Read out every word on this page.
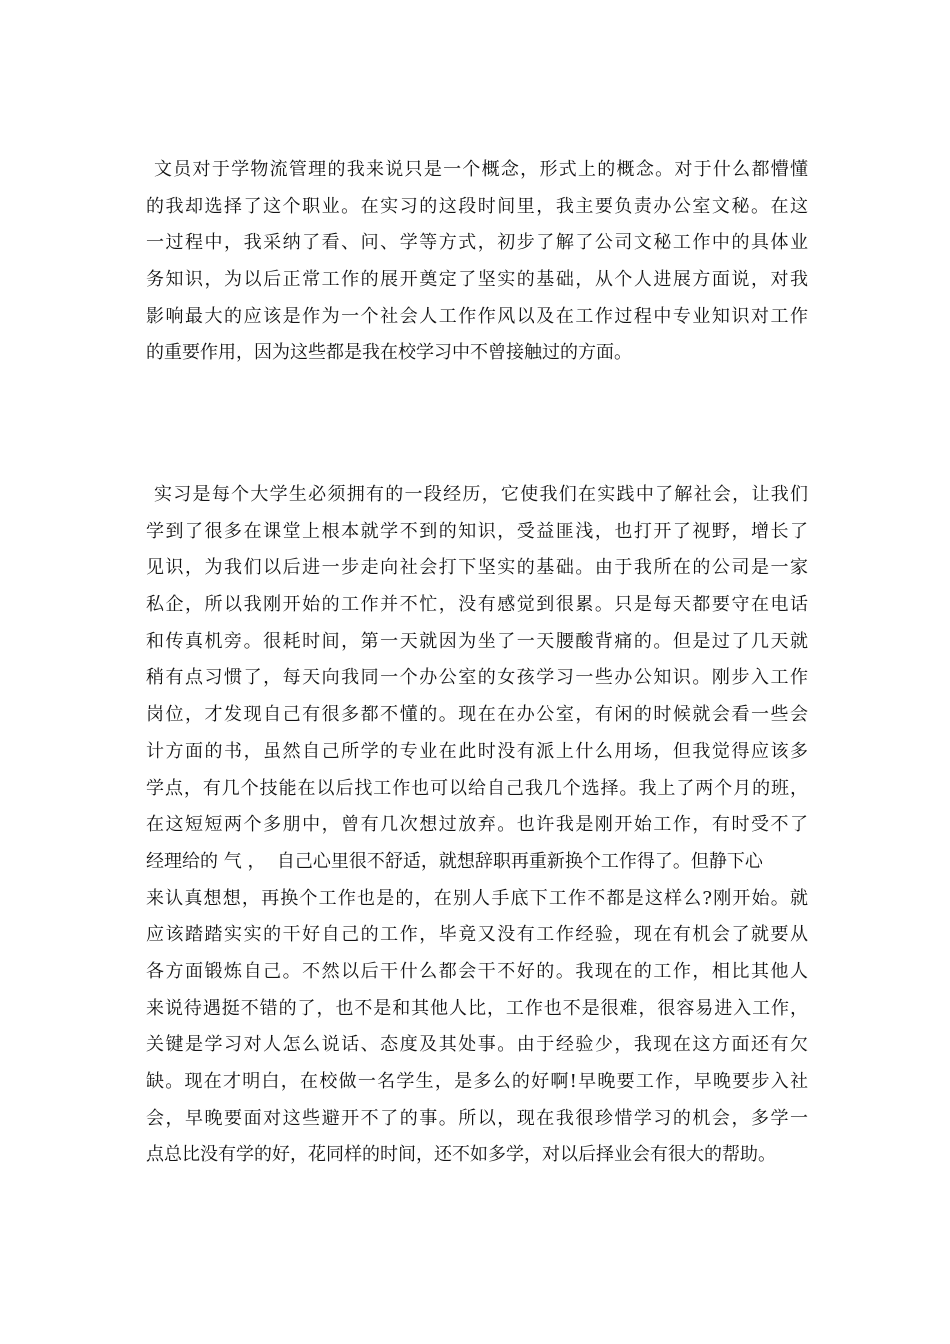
文员对于学物流管理的我来说只是一个概念，形式上的概念。对于什么都懵懂
的我却选择了这个职业。在实习的这段时间里，我主要负责办公室文秘。在这
一过程中，我采纳了看、问、学等方式，初步了解了公司文秘工作中的具体业
务知识，为以后正常工作的展开奠定了坚实的基础，从个人进展方面说，对我
影响最大的应该是作为一个社会人工作作风以及在工作过程中专业知识对工作
的重要作用，因为这些都是我在校学习中不曾接触过的方面。
实习是每个大学生必须拥有的一段经历，它使我们在实践中了解社会，让我们
学到了很多在课堂上根本就学不到的知识，受益匪浅，也打开了视野，增长了
见识，为我们以后进一步走向社会打下坚实的基础。由于我所在的公司是一家
私企，所以我刚开始的工作并不忙，没有感觉到很累。只是每天都要守在电话
和传真机旁。很耗时间，第一天就因为坐了一天腰酸背痛的。但是过了几天就
稍有点习惯了，每天向我同一个办公室的女孩学习一些办公知识。刚步入工作
岗位，才发现自己有很多都不懂的。现在在办公室，有闲的时候就会看一些会
计方面的书，虽然自己所学的专业在此时没有派上什么用场，但我觉得应该多
学点，有几个技能在以后找工作也可以给自己我几个选择。我上了两个月的班，
在这短短两个多朋中，曾有几次想过放弃。也许我是刚开始工作，有时受不了
经理给的 气 ，  自己心里很不舒适，就想辞职再重新换个工作得了。但静下心
来认真想想，再换个工作也是的，在别人手底下工作不都是这样么?刚开始。就
应该踏踏实实的干好自己的工作，毕竟又没有工作经验，现在有机会了就要从
各方面锻炼自己。不然以后干什么都会干不好的。我现在的工作，相比其他人
来说待遇挺不错的了，也不是和其他人比，工作也不是很难，很容易进入工作，
关键是学习对人怎么说话、态度及其处事。由于经验少，我现在这方面还有欠
缺。现在才明白，在校做一名学生，是多么的好啊!早晚要工作，早晚要步入社
会，早晚要面对这些避开不了的事。所以，现在我很珍惜学习的机会，多学一
点总比没有学的好，花同样的时间，还不如多学，对以后择业会有很大的帮助。
